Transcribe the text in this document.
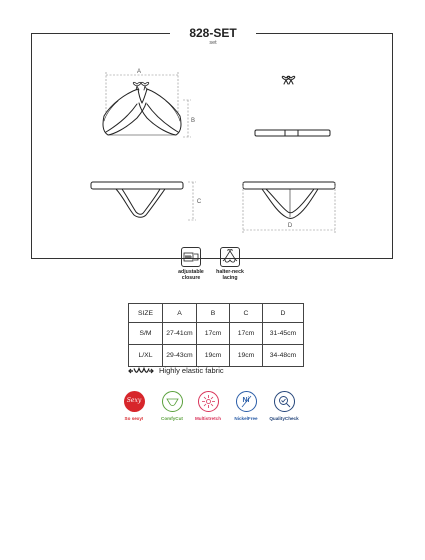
828-SET
set
A
B
C
D
adjustable
closure
halter-neck
lacing
SIZE	A	B	C	D
S/M	27-41cm	17cm	17cm	31-45cm
L/XL	29-43cm	19cm	19cm	34-48cm
Highly elastic fabric
Sexy
So sexy!	ComfyCut	Multistretch
Ni
NickelFree	QualityCheck
